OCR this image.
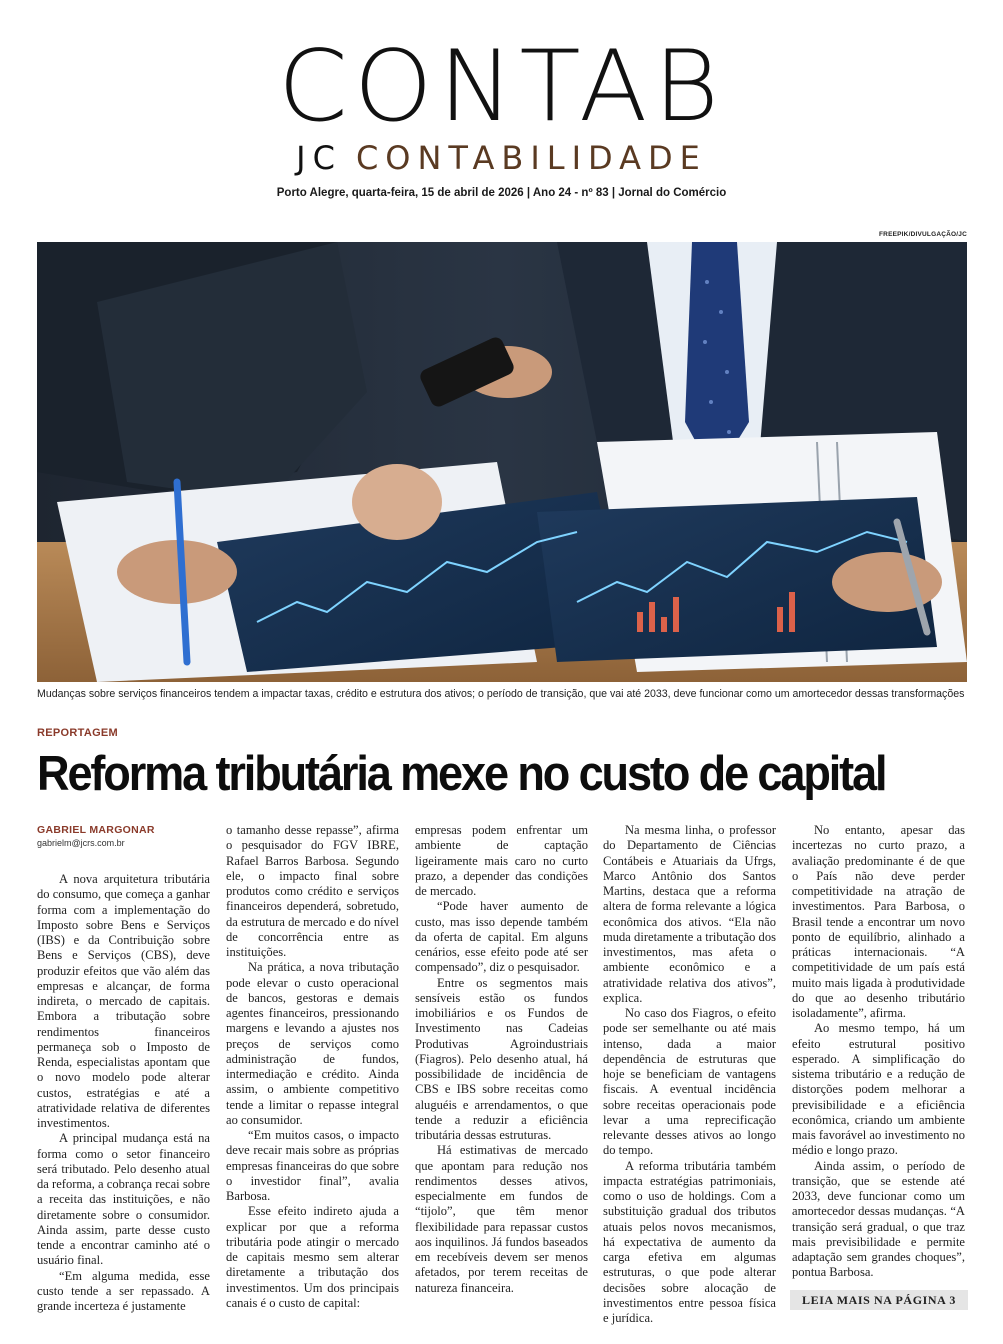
CONTAB
JC CONTABILIDADE
Porto Alegre, quarta-feira, 15 de abril de 2026 | Ano 24 - nº 83 | Jornal do Comércio
FREEPIK/DIVULGAÇÃO/JC
Mudanças sobre serviços financeiros tendem a impactar taxas, crédito e estrutura dos ativos; o período de transição, que vai até 2033, deve funcionar como um amortecedor dessas transformações
REPORTAGEM
Reforma tributária mexe no custo de capital
GABRIEL MARGONAR
gabrielm@jcrs.com.br

A nova arquitetura tributária do consumo, que começa a ganhar forma com a implementação do Imposto sobre Bens e Serviços (IBS) e da Contribuição sobre Bens e Serviços (CBS), deve produzir efeitos que vão além das empresas e alcançar, de forma indireta, o mercado de capitais. Embora a tributação sobre rendimentos financeiros permaneça sob o Imposto de Renda, especialistas apontam que o novo modelo pode alterar custos, estratégias e até a atratividade relativa de diferentes investimentos.

A principal mudança está na forma como o setor financeiro será tributado. Pelo desenho atual da reforma, a cobrança recai sobre a receita das instituições, e não diretamente sobre o consumidor. Ainda assim, parte desse custo tende a encontrar caminho até o usuário final.

“Em alguma medida, esse custo tende a ser repassado. A grande incerteza é justamente

o tamanho desse repasse”, afirma o pesquisador do FGV IBRE, Rafael Barros Barbosa. Segundo ele, o impacto final sobre produtos como crédito e serviços financeiros dependerá, sobretudo, da estrutura de mercado e do nível de concorrência entre as instituições.

Na prática, a nova tributação pode elevar o custo operacional de bancos, gestoras e demais agentes financeiros, pressionando margens e levando a ajustes nos preços de serviços como administração de fundos, intermediação e crédito. Ainda assim, o ambiente competitivo tende a limitar o repasse integral ao consumidor.

“Em muitos casos, o impacto deve recair mais sobre as próprias empresas financeiras do que sobre o investidor final”, avalia Barbosa.

Esse efeito indireto ajuda a explicar por que a reforma tributária pode atingir o mercado de capitais mesmo sem alterar diretamente a tributação dos investimentos. Um dos principais canais é o custo de capital:

empresas podem enfrentar um ambiente de captação ligeiramente mais caro no curto prazo, a depender das condições de mercado.

“Pode haver aumento de custo, mas isso depende também da oferta de capital. Em alguns cenários, esse efeito pode até ser compensado”, diz o pesquisador.

Entre os segmentos mais sensíveis estão os fundos imobiliários e os Fundos de Investimento nas Cadeias Produtivas Agroindustriais (Fiagros). Pelo desenho atual, há possibilidade de incidência de CBS e IBS sobre receitas como aluguéis e arrendamentos, o que tende a reduzir a eficiência tributária dessas estruturas.

Há estimativas de mercado que apontam para redução nos rendimentos desses ativos, especialmente em fundos de “tijolo”, que têm menor flexibilidade para repassar custos aos inquilinos. Já fundos baseados em recebíveis devem ser menos afetados, por terem receitas de natureza financeira.

Na mesma linha, o professor do Departamento de Ciências Contábeis e Atuariais da Ufrgs, Marco Antônio dos Santos Martins, destaca que a reforma altera de forma relevante a lógica econômica dos ativos. “Ela não muda diretamente a tributação dos investimentos, mas afeta o ambiente econômico e a atratividade relativa dos ativos”, explica.

No caso dos Fiagros, o efeito pode ser semelhante ou até mais intenso, dada a maior dependência de estruturas que hoje se beneficiam de vantagens fiscais. A eventual incidência sobre receitas operacionais pode levar a uma reprecificação relevante desses ativos ao longo do tempo.

A reforma tributária também impacta estratégias patrimoniais, como o uso de holdings. Com a substituição gradual dos tributos atuais pelos novos mecanismos, há expectativa de aumento da carga efetiva em algumas estruturas, o que pode alterar decisões sobre alocação de investimentos entre pessoa física e jurídica.

No entanto, apesar das incertezas no curto prazo, a avaliação predominante é de que o País não deve perder competitividade na atração de investimentos. Para Barbosa, o Brasil tende a encontrar um novo ponto de equilíbrio, alinhado a práticas internacionais. “A competitividade de um país está muito mais ligada à produtividade do que ao desenho tributário isoladamente”, afirma.

Ao mesmo tempo, há um efeito estrutural positivo esperado. A simplificação do sistema tributário e a redução de distorções podem melhorar a previsibilidade e a eficiência econômica, criando um ambiente mais favorável ao investimento no médio e longo prazo.

Ainda assim, o período de transição, que se estende até 2033, deve funcionar como um amortecedor dessas mudanças. “A transição será gradual, o que traz mais previsibilidade e permite adaptação sem grandes choques”, pontua Barbosa.

LEIA MAIS NA PÁGINA 3
